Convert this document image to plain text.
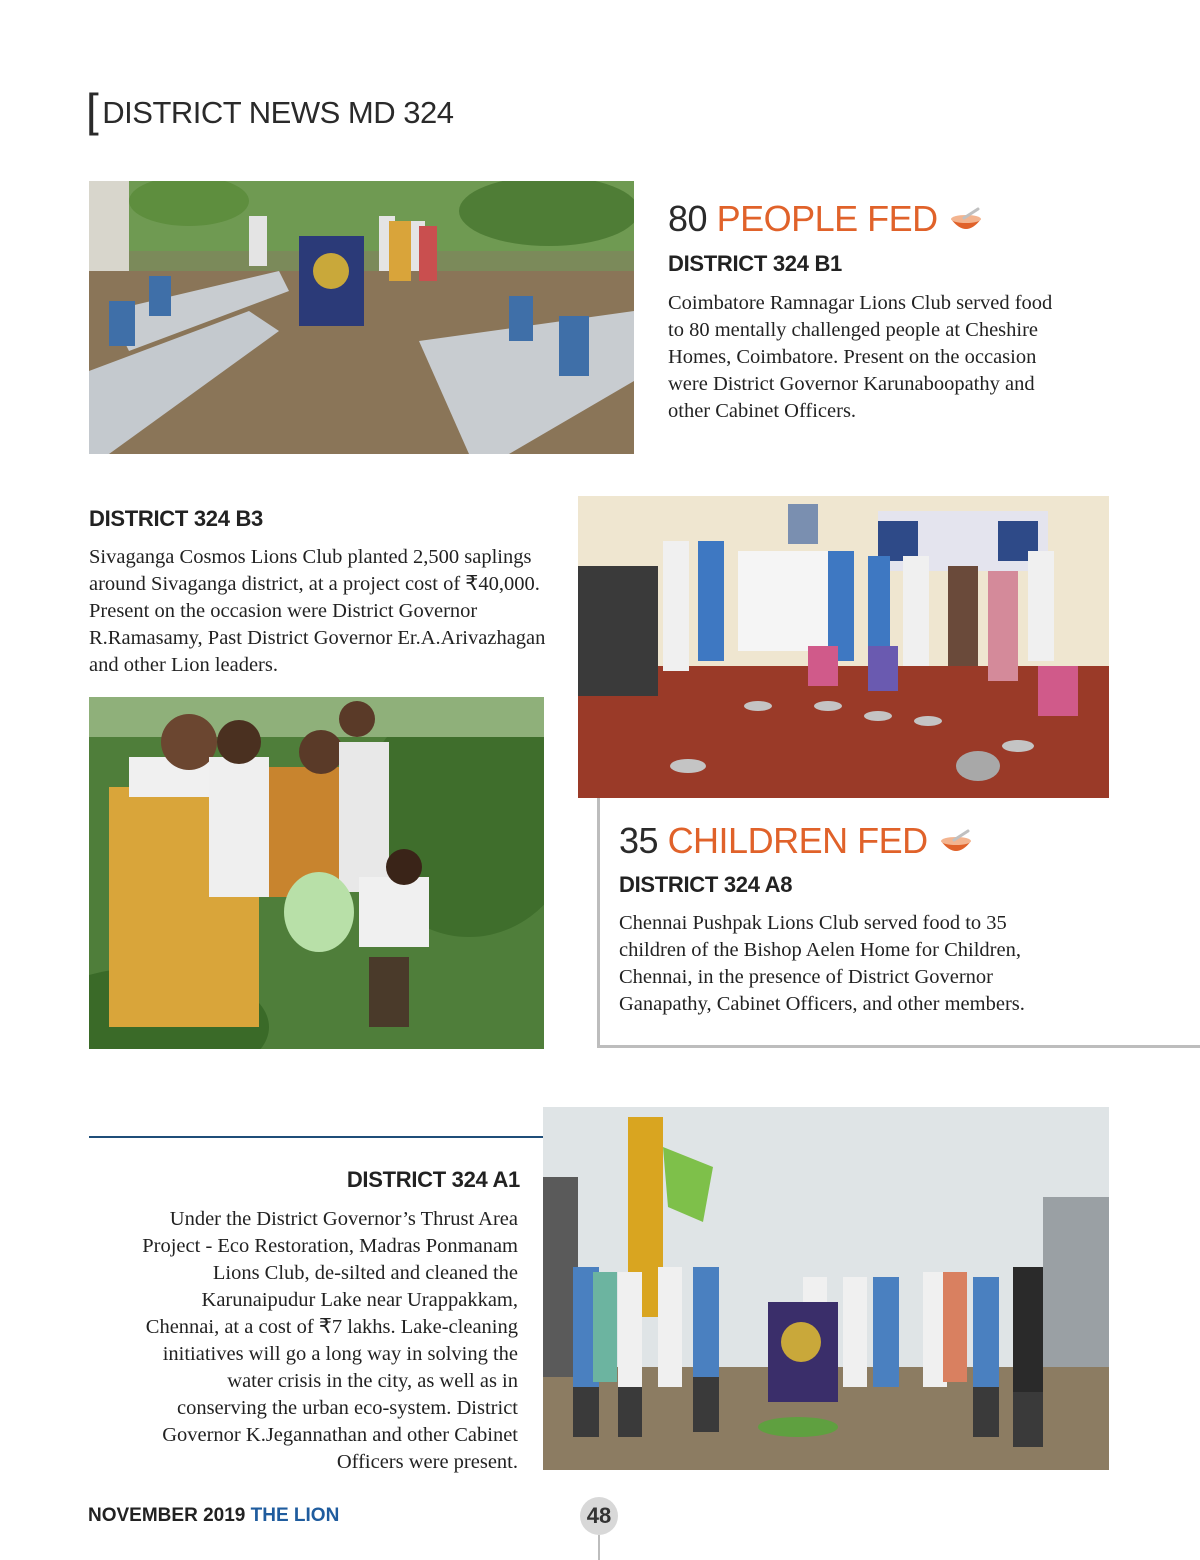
[ DISTRICT NEWS MD 324
80 PEOPLE FED
DISTRICT 324 B1
Coimbatore Ramnagar Lions Club served food to 80 mentally challenged people at Cheshire Homes, Coimbatore. Present on the occasion were District Governor Karunaboopathy and other Cabinet Officers.
DISTRICT 324 B3
Sivaganga Cosmos Lions Club planted 2,500 saplings around Sivaganga district, at a project cost of ₹40,000. Present on the occasion were District Governor R.Ramasamy, Past District Governor Er.A.Arivazhagan and other Lion leaders.
35 CHILDREN FED
DISTRICT 324 A8
Chennai Pushpak Lions Club served food to 35 children of the Bishop Aelen Home for Children, Chennai, in the presence of District Governor Ganapathy, Cabinet Officers, and other members.
DISTRICT 324 A1
Under the District Governor’s Thrust Area Project - Eco Restoration, Madras Ponmanam Lions Club, de-silted and cleaned the Karunaipudur Lake near Urappakkam, Chennai, at a cost of ₹7 lakhs. Lake-cleaning initiatives will go a long way in solving the water crisis in the city, as well as in conserving the urban eco-system. District Governor K.Jegannathan and other Cabinet Officers were present.
NOVEMBER 2019 THE LION	48
